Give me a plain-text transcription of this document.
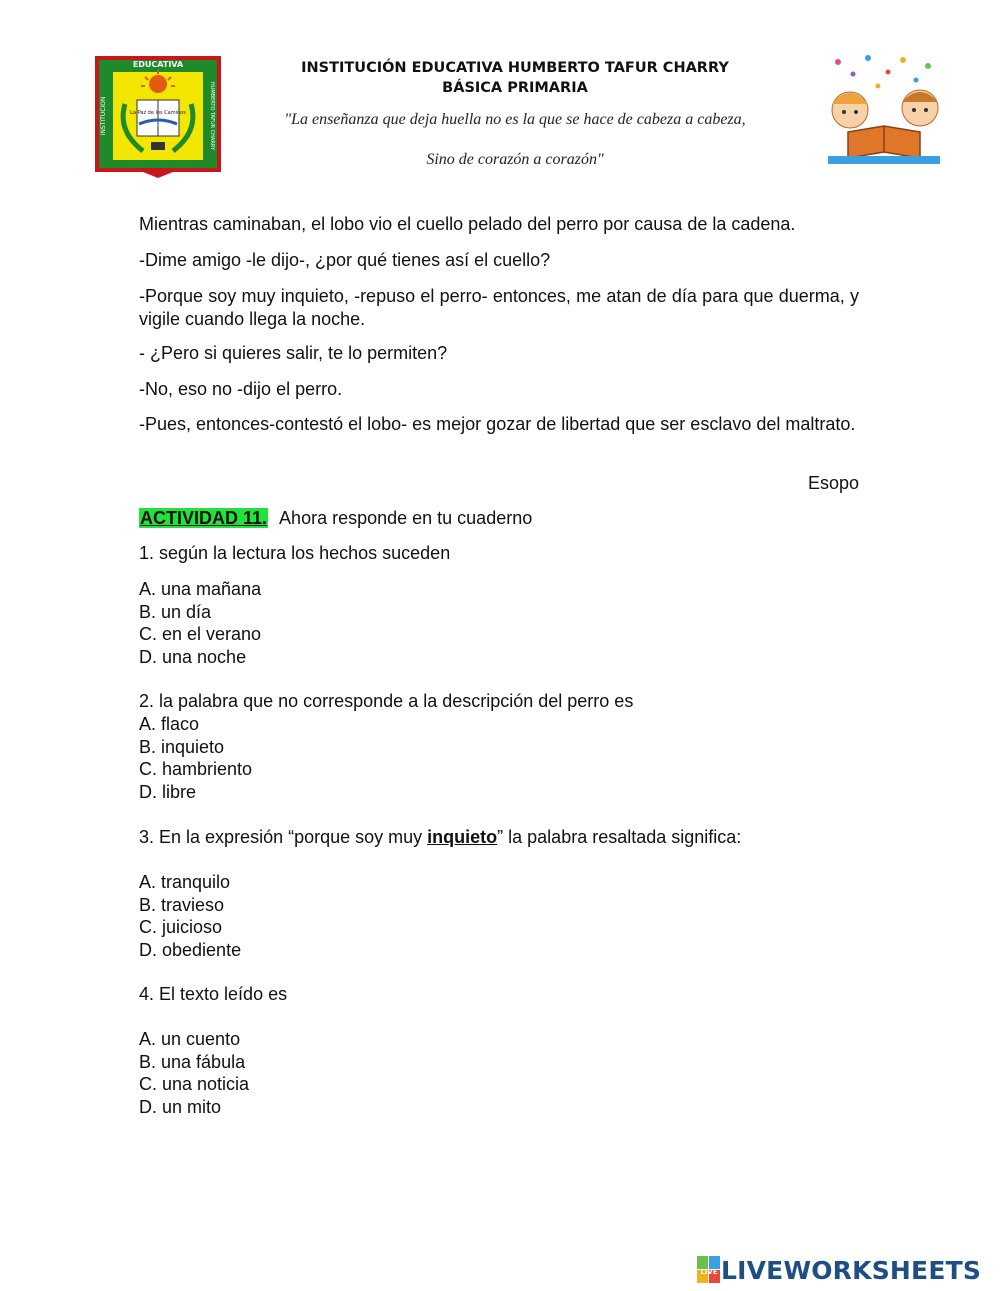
EDUCATIVA
INSTITUCION	HUMBERTO TAFUR CHARRY
La Paz de los Caminos
INSTITUCIÓN EDUCATIVA HUMBERTO TAFUR CHARRY
BÁSICA PRIMARIA
"La enseñanza que deja huella no es la que se hace de cabeza a cabeza,
Sino de corazón a corazón"
Mientras caminaban, el lobo vio el cuello pelado del perro por causa de la cadena.
-Dime amigo -le dijo-, ¿por qué tienes así el cuello?
-Porque soy muy inquieto, -repuso el perro- entonces, me atan de día para que duerma, y vigile cuando llega la noche.
- ¿Pero si quieres salir, te lo permiten?
-No, eso no -dijo el perro.
-Pues, entonces-contestó el lobo- es mejor gozar de libertad que ser esclavo del maltrato.
Esopo
ACTIVIDAD 11. Ahora responde en tu cuaderno
1. según la lectura los hechos suceden
A. una mañana
B. un día
C. en el verano
D. una noche
2. la palabra que no corresponde a la descripción del perro es
A. flaco
B. inquieto
C. hambriento
D. libre
3. En la expresión “porque soy muy inquieto” la palabra resaltada significa:
A. tranquilo
B. travieso
C. juicioso
D. obediente
4. El texto leído es
A. un cuento
B. una fábula
C. una noticia
D. un mito
LIVE LIVEWORKSHEETS
